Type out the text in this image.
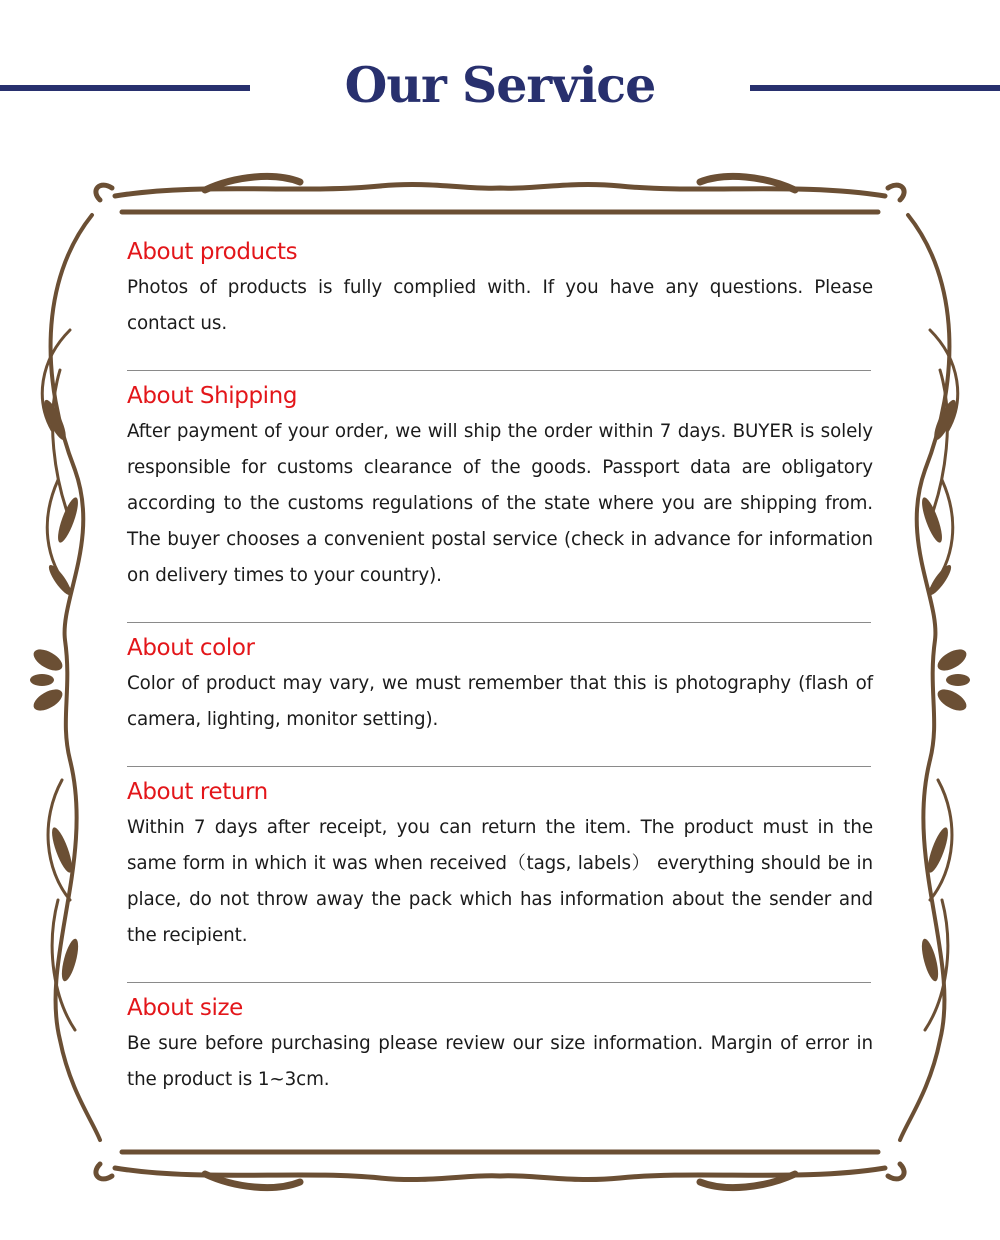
Our Service
About products

Photos of products is fully complied with. If you have any questions. Please contact us.

About Shipping

After payment of your order, we will ship the order within 7 days. BUYER is solely responsible for customs clearance of the goods. Passport data are obligatory according to the customs regulations of the state where you are shipping from. The buyer chooses a convenient postal service (check in advance for information on delivery times to your country).

About color

Color of product may vary, we must remember that this is photography (flash of camera, lighting, monitor setting).

About return

Within 7 days after receipt, you can return the item. The product must in the same form in which it was when received（tags, labels） everything should be in place, do not throw away the pack which has information about the sender and the recipient.

About size

Be sure before purchasing please review our size information. Margin of error in the product is 1~3cm.
